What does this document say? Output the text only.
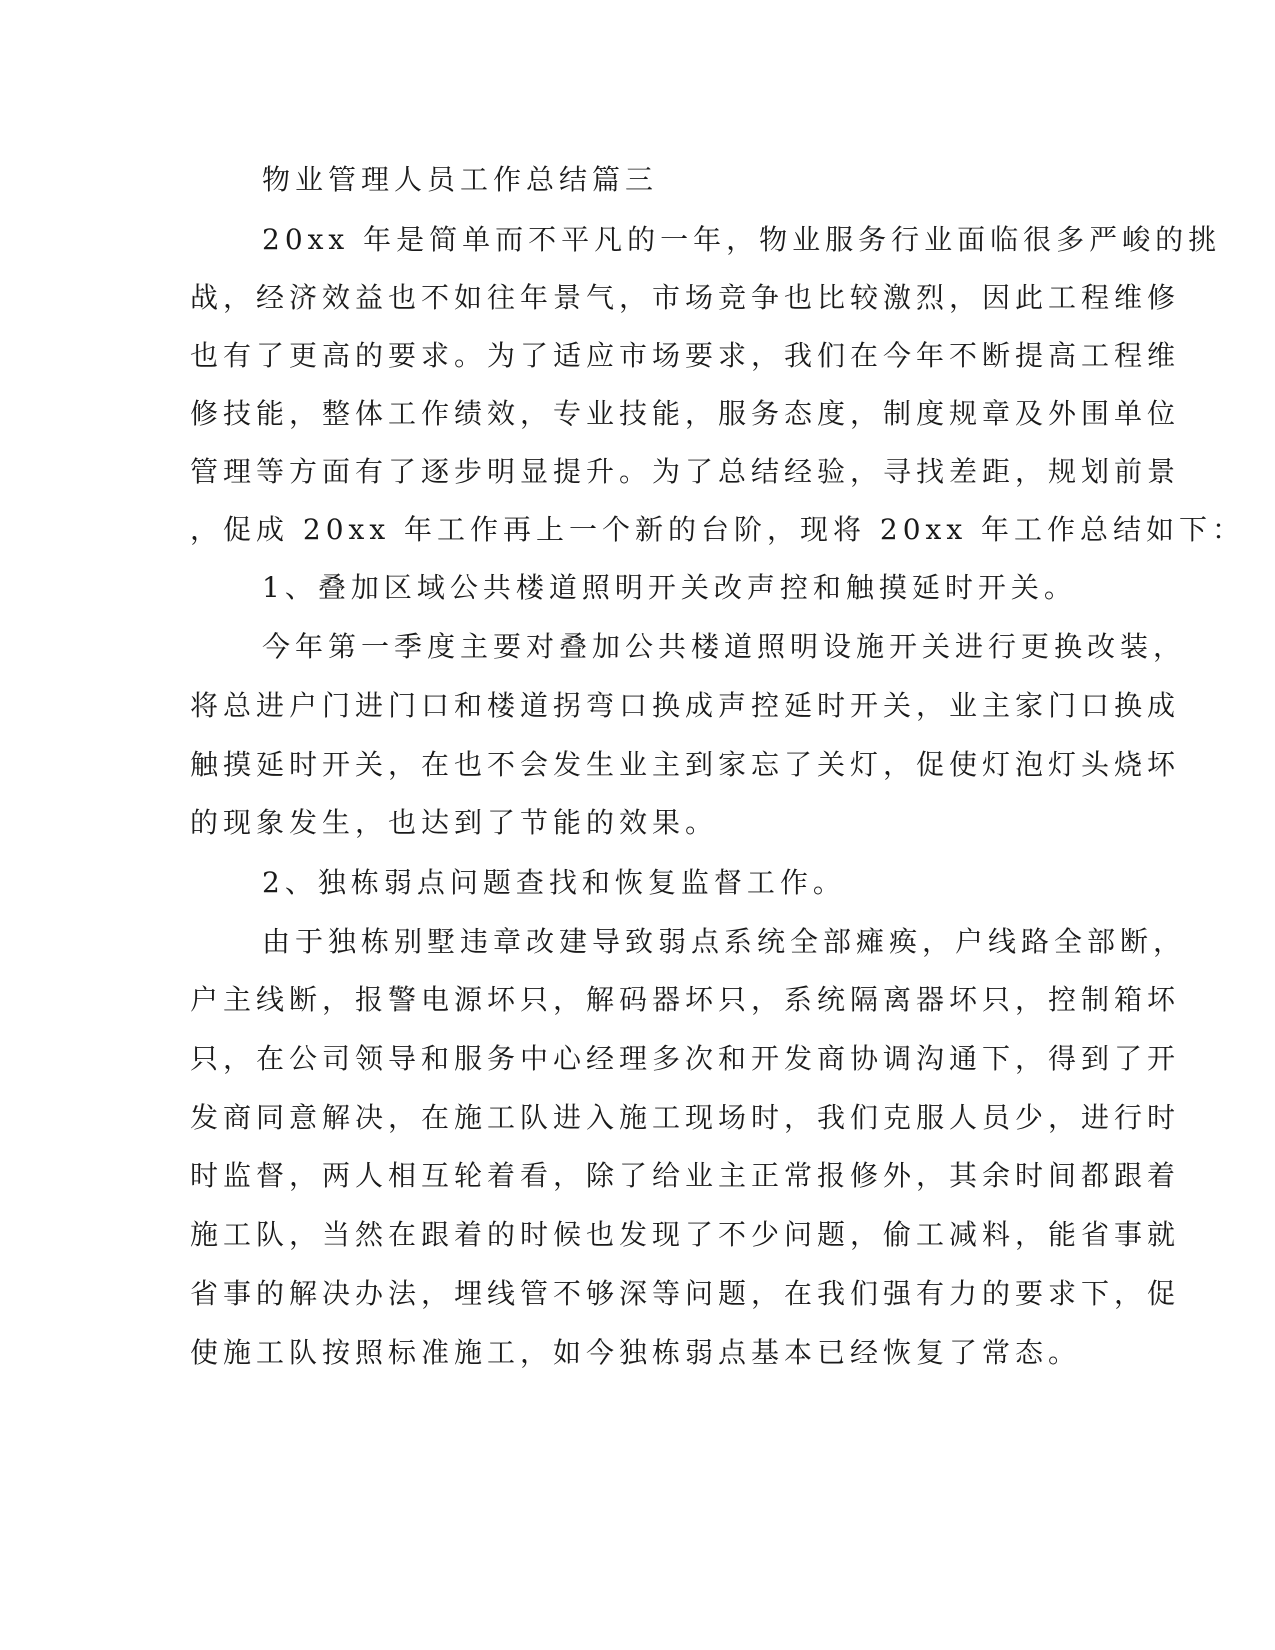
物业管理人员工作总结篇三
20xx 年是简单而不平凡的一年，物业服务行业面临很多严峻的挑
战，经济效益也不如往年景气，市场竞争也比较激烈，因此工程维修
也有了更高的要求。为了适应市场要求，我们在今年不断提高工程维
修技能，整体工作绩效，专业技能，服务态度，制度规章及外围单位
管理等方面有了逐步明显提升。为了总结经验，寻找差距，规划前景
，促成 20xx 年工作再上一个新的台阶，现将 20xx 年工作总结如下：
1、叠加区域公共楼道照明开关改声控和触摸延时开关。
今年第一季度主要对叠加公共楼道照明设施开关进行更换改装，
将总进户门进门口和楼道拐弯口换成声控延时开关，业主家门口换成
触摸延时开关，在也不会发生业主到家忘了关灯，促使灯泡灯头烧坏
的现象发生，也达到了节能的效果。
2、独栋弱点问题查找和恢复监督工作。
由于独栋别墅违章改建导致弱点系统全部瘫痪，户线路全部断，
户主线断，报警电源坏只，解码器坏只，系统隔离器坏只，控制箱坏
只，在公司领导和服务中心经理多次和开发商协调沟通下，得到了开
发商同意解决，在施工队进入施工现场时，我们克服人员少，进行时
时监督，两人相互轮着看，除了给业主正常报修外，其余时间都跟着
施工队，当然在跟着的时候也发现了不少问题，偷工减料，能省事就
省事的解决办法，埋线管不够深等问题，在我们强有力的要求下，促
使施工队按照标准施工，如今独栋弱点基本已经恢复了常态。
